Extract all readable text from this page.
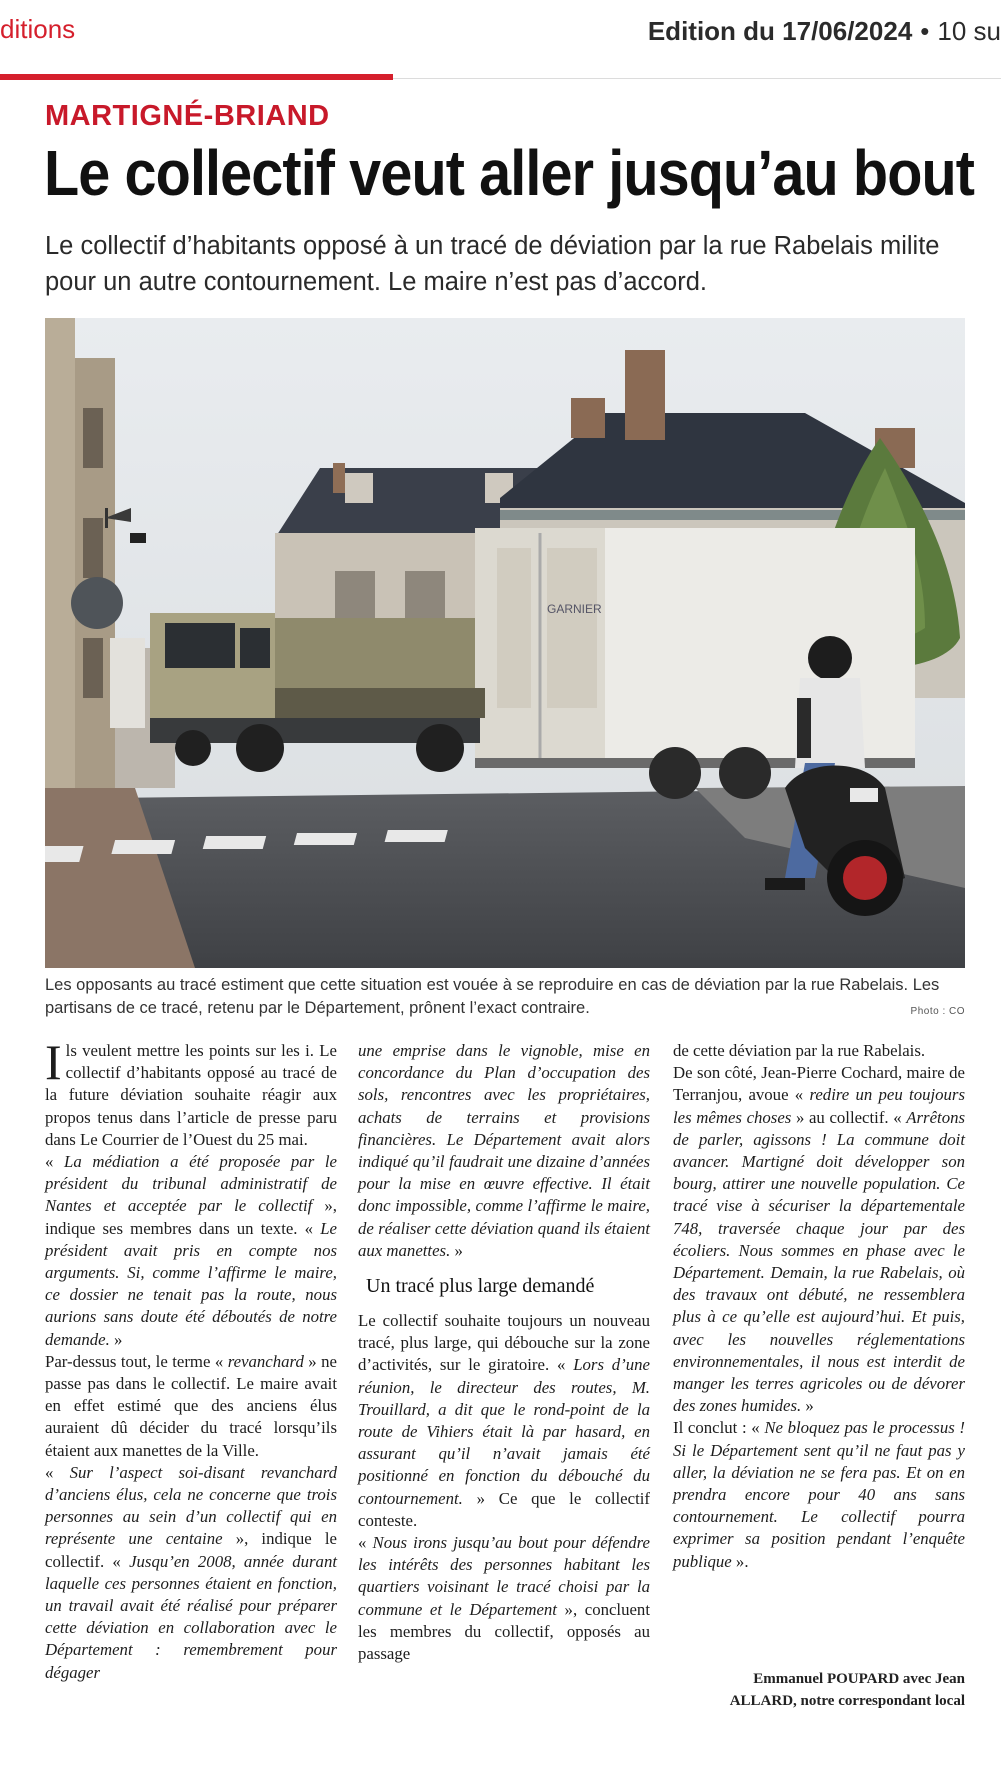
ditions	Edition du 17/06/2024 • 10 su
MARTIGNÉ-BRIAND
Le collectif veut aller jusqu’au bout
Le collectif d’habitants opposé à un tracé de déviation par la rue Rabelais milite pour un autre contournement. Le maire n’est pas d’accord.
GARNIER
Les opposants au tracé estiment que cette situation est vouée à se reproduire en cas de déviation par la rue Rabelais. Les partisans de ce tracé, retenu par le Département, prônent l’exact contraire.	Photo : CO

Ils veulent mettre les points sur les i. Le collectif d’habitants opposé au tracé de la future déviation souhaite réagir aux propos tenus dans l’article de presse paru dans Le Courrier de l’Ouest du 25 mai.

« La médiation a été proposée par le président du tribunal administratif de Nantes et acceptée par le collectif », indique ses membres dans un texte. « Le président avait pris en compte nos arguments. Si, comme l’affirme le maire, ce dossier ne tenait pas la route, nous aurions sans doute été déboutés de notre demande. »

Par-dessus tout, le terme « revanchard » ne passe pas dans le collectif. Le maire avait en effet estimé que des anciens élus auraient dû décider du tracé lorsqu’ils étaient aux manettes de la Ville.

« Sur l’aspect soi-disant revanchard d’anciens élus, cela ne concerne que trois personnes au sein d’un collectif qui en représente une centaine », indique le collectif. « Jusqu’en 2008, année durant laquelle ces personnes étaient en fonction, un travail avait été réalisé pour préparer cette déviation en collaboration avec le Département : remembrement pour dégager

une emprise dans le vignoble, mise en concordance du Plan d’occupation des sols, rencontres avec les propriétaires, achats de terrains et provisions financières. Le Département avait alors indiqué qu’il faudrait une dizaine d’années pour la mise en œuvre effective. Il était donc impossible, comme l’affirme le maire, de réaliser cette déviation quand ils étaient aux manettes. »

Un tracé plus large demandé

Le collectif souhaite toujours un nouveau tracé, plus large, qui débouche sur la zone d’activités, sur le giratoire. « Lors d’une réunion, le directeur des routes, M. Trouillard, a dit que le rond-point de la route de Vihiers était là par hasard, en assurant qu’il n’avait jamais été positionné en fonction du débouché du contournement. » Ce que le collectif conteste.

« Nous irons jusqu’au bout pour défendre les intérêts des personnes habitant les quartiers voisinant le tracé choisi par la commune et le Département », concluent les membres du collectif, opposés au passage

de cette déviation par la rue Rabelais.

De son côté, Jean-Pierre Cochard, maire de Terranjou, avoue « redire un peu toujours les mêmes choses » au collectif. « Arrêtons de parler, agissons ! La commune doit avancer. Martigné doit développer son bourg, attirer une nouvelle population. Ce tracé vise à sécuriser la départementale 748, traversée chaque jour par des écoliers. Nous sommes en phase avec le Département. Demain, la rue Rabelais, où des travaux ont débuté, ne ressemblera plus à ce qu’elle est aujourd’hui. Et puis, avec les nouvelles réglementations environnementales, il nous est interdit de manger les terres agricoles ou de dévorer des zones humides. »

Il conclut : « Ne bloquez pas le processus ! Si le Département sent qu’il ne faut pas y aller, la déviation ne se fera pas. Et on en prendra encore pour 40 ans sans contournement. Le collectif pourra exprimer sa position pendant l’enquête publique ».

Emmanuel POUPARD avec Jean ALLARD, notre correspondant local
